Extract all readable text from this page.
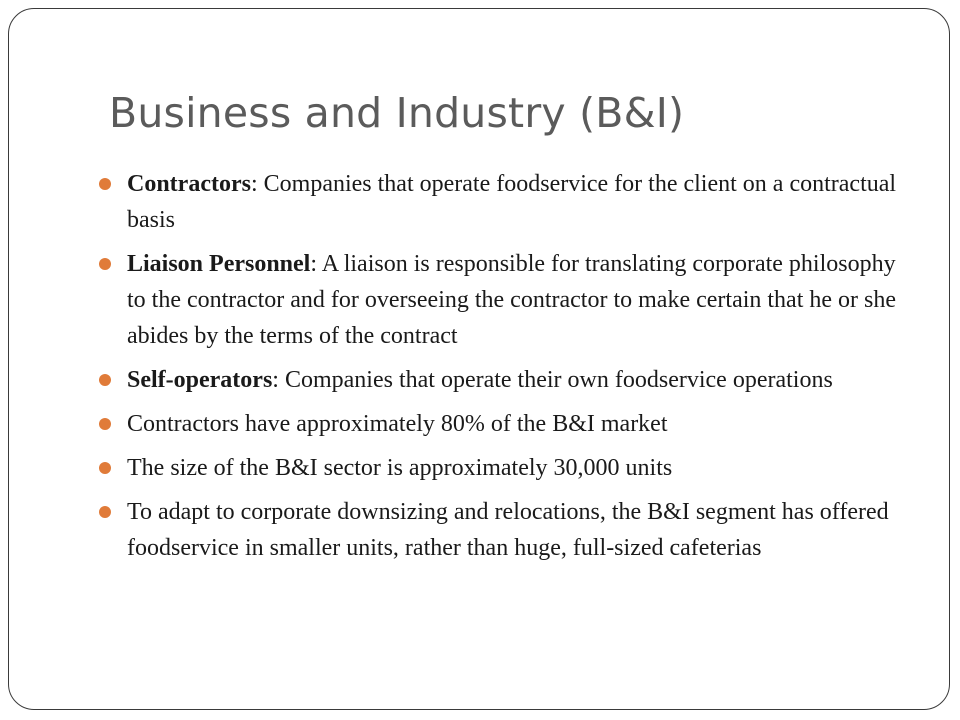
Business and Industry (B&I)
Contractors: Companies that operate foodservice for the client on a contractual basis
Liaison Personnel: A liaison is responsible for translating corporate philosophy to the contractor and for overseeing the contractor to make certain that he or she abides by the terms of the contract
Self-operators: Companies that operate their own foodservice operations
Contractors have approximately 80% of the B&I market
The size of the B&I sector is approximately 30,000 units
To adapt to corporate downsizing and relocations, the B&I segment has offered foodservice in smaller units, rather than huge, full-sized cafeterias
